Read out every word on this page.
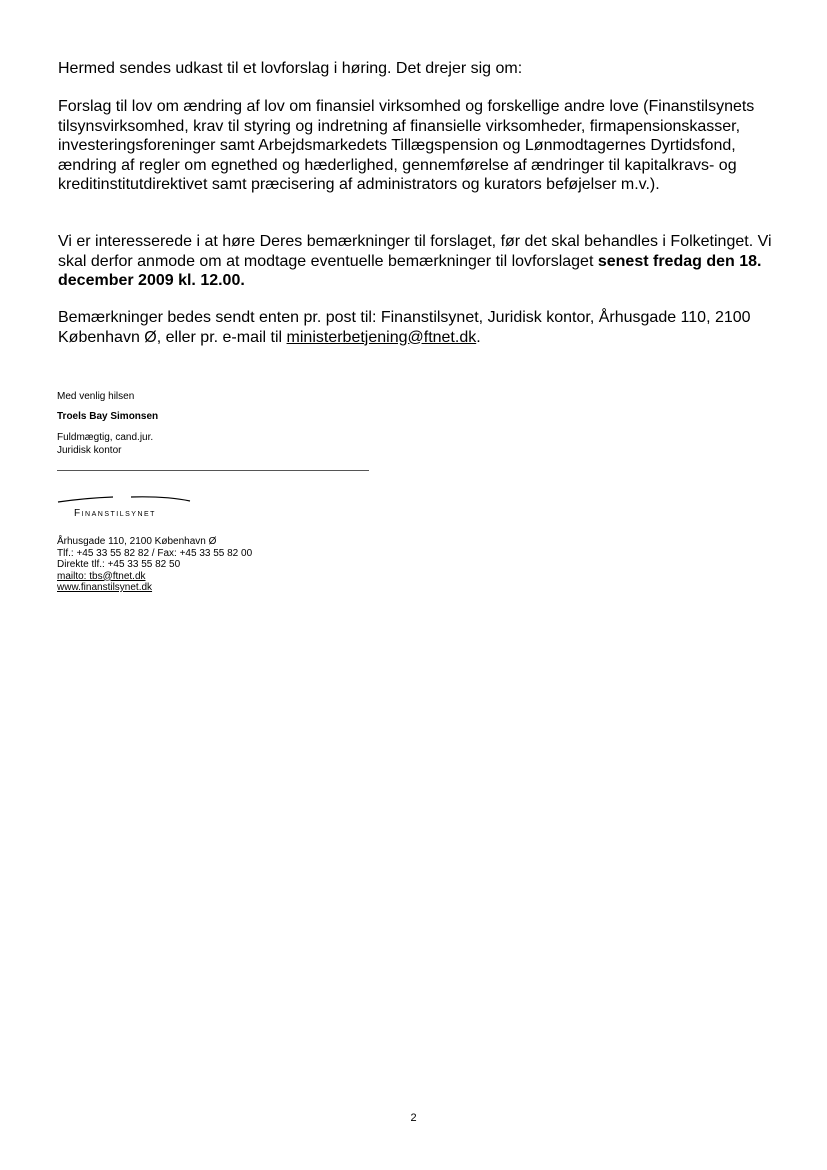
Hermed sendes udkast til et lovforslag i høring. Det drejer sig om:
Forslag til lov om ændring af lov om finansiel virksomhed og forskellige andre love (Finanstilsynets tilsynsvirksomhed, krav til styring og indretning af finansielle virksomheder, firmapensionskasser, investeringsforeninger samt Arbejdsmarkedets Tillægspension og Lønmodtagernes Dyrtidsfond, ændring af regler om egnethed og hæderlighed, gennemførelse af ændringer til kapitalkravs- og kreditinstitutdirektivet samt præcisering af administrators og kurators beføjelser m.v.).
Vi er interesserede i at høre Deres bemærkninger til forslaget, før det skal behandles i Folketinget. Vi skal derfor anmode om at modtage eventuelle bemærkninger til lovforslaget senest fredag den 18. december 2009 kl. 12.00.
Bemærkninger bedes sendt enten pr. post til: Finanstilsynet, Juridisk kontor, Århusgade 110, 2100 København Ø, eller pr. e-mail til ministerbetjening@ftnet.dk.
Med venlig hilsen
Troels Bay Simonsen
Fuldmægtig, cand.jur.
Juridisk kontor
Finanstilsynet
Århusgade 110, 2100 København Ø
Tlf.: +45 33 55 82 82 / Fax: +45 33 55 82 00
Direkte tlf.: +45 33 55 82 50
mailto: tbs@ftnet.dk
www.finanstilsynet.dk
2
